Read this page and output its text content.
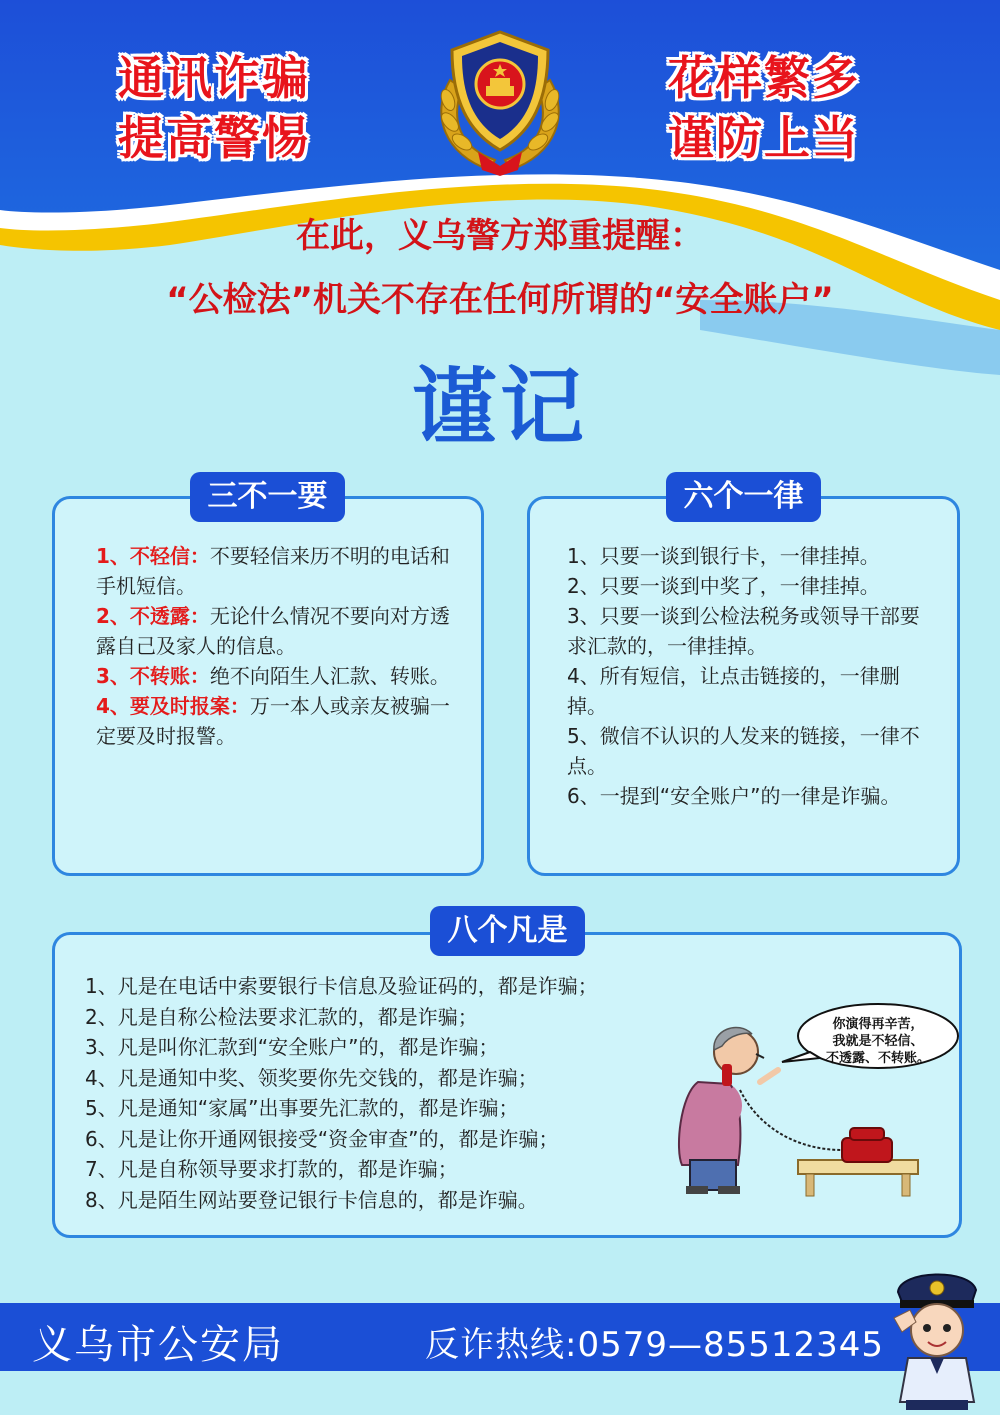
通讯诈骗
提高警惕
花样繁多
谨防上当
在此，义乌警方郑重提醒：
“公检法”机关不存在任何所谓的“安全账户”
谨记
三不一要	六个一律
八个凡是

1、不轻信：不要轻信来历不明的电话和手机短信。

2、不透露：无论什么情况不要向对方透露自己及家人的信息。

3、不转账：绝不向陌生人汇款、转账。

4、要及时报案：万一本人或亲友被骗一定要及时报警。

1、只要一谈到银行卡，一律挂掉。
2、只要一谈到中奖了，一律挂掉。
3、只要一谈到公检法税务或领导干部要求汇款的，一律挂掉。
4、所有短信，让点击链接的，一律删掉。
5、微信不认识的人发来的链接，一律不点。
6、一提到“安全账户”的一律是诈骗。
1、凡是在电话中索要银行卡信息及验证码的，都是诈骗；
2、凡是自称公检法要求汇款的，都是诈骗；
3、凡是叫你汇款到“安全账户”的，都是诈骗；
4、凡是通知中奖、领奖要你先交钱的，都是诈骗；
5、凡是通知“家属”出事要先汇款的，都是诈骗；
6、凡是让你开通网银接受“资金审查”的，都是诈骗；
7、凡是自称领导要求打款的，都是诈骗；
8、凡是陌生网站要登记银行卡信息的，都是诈骗。
你演得再辛苦，
我就是不轻信、
不透露、不转账。
义乌市公安局	反诈热线:0579—85512345
